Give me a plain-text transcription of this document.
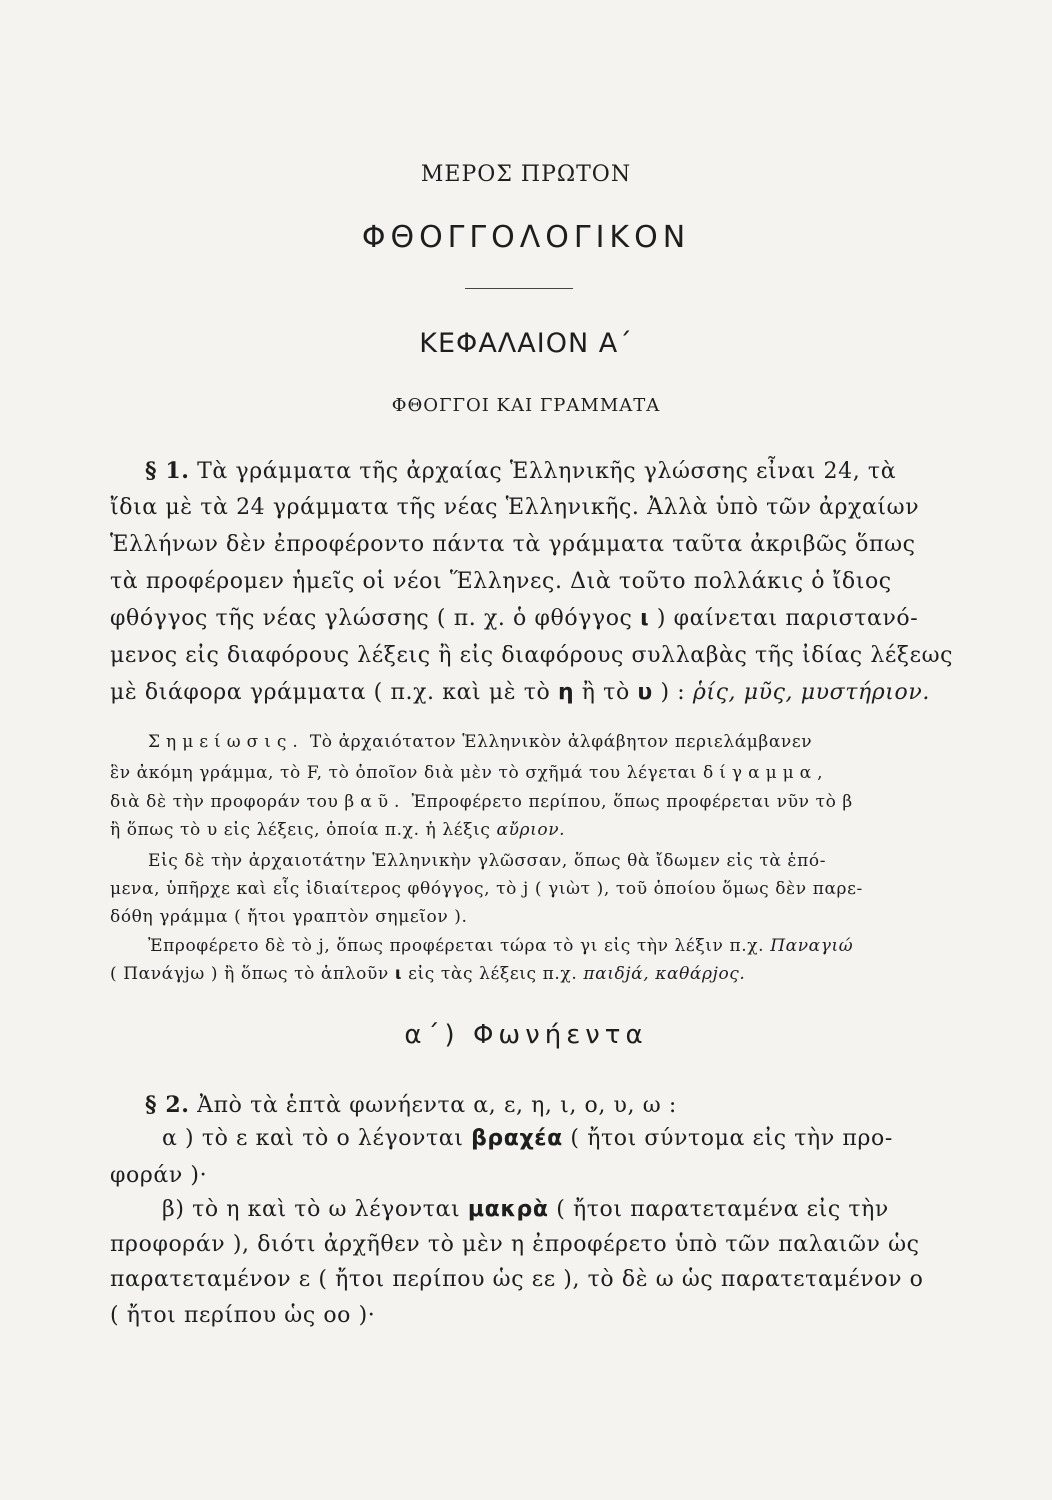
ΜΕΡΟΣ ΠΡΩΤΟΝ
ΦΘΟΓΓΟΛΟΓΙΚΟΝ
ΚΕΦΑΛΑΙΟΝ Α΄
ΦΘΟΓΓΟΙ ΚΑΙ ΓΡΑΜΜΑΤΑ
§ 1. Τὰ γράμματα τῆς ἀρχαίας Ἑλληνικῆς γλώσσης εἶναι 24, τὰ
ἴδια μὲ τὰ 24 γράμματα τῆς νέας Ἑλληνικῆς. Ἀλλὰ ὑπὸ τῶν ἀρχαίων
Ἑλλήνων δὲν ἐπροφέροντο πάντα τὰ γράμματα ταῦτα ἀκριβῶς ὅπως
τὰ προφέρομεν ἡμεῖς οἱ νέοι Ἕλληνες. Διὰ τοῦτο πολλάκις ὁ ἴδιος
φθόγγος τῆς νέας γλώσσης ( π. χ. ὁ φθόγγος ι ) φαίνεται παριστανό-
μενος εἰς διαφόρους λέξεις ἢ εἰς διαφόρους συλλαβὰς τῆς ἰδίας λέξεως
μὲ διάφορα γράμματα ( π.χ. καὶ μὲ τὸ η ἢ τὸ υ ) : ῥίς, μῦς, μυστήριον.
Σημείωσις. Τὸ ἀρχαιότατον Ἑλληνικὸν ἀλφάβητον περιελάμβανεν
ἓν ἀκόμη γράμμα, τὸ F, τὸ ὁποῖον διὰ μὲν τὸ σχῆμά του λέγεται δίγαμμα,
διὰ δὲ τὴν προφοράν του βαῦ. Ἐπροφέρετο περίπου, ὅπως προφέρεται νῦν τὸ β
ἢ ὅπως τὸ υ εἰς λέξεις, ὁποία π.χ. ἡ λέξις αὔριον.
Εἰς δὲ τὴν ἀρχαιοτάτην Ἑλληνικὴν γλῶσσαν, ὅπως θὰ ἴδωμεν εἰς τὰ ἑπό-
μενα, ὑπῆρχε καὶ εἷς ἰδιαίτερος φθόγγος, τὸ j ( γιὼτ ), τοῦ ὁποίου ὅμως δὲν παρε-
δόθη γράμμα ( ἤτοι γραπτὸν σημεῖον ).
Ἐπροφέρετο δὲ τὸ j, ὅπως προφέρεται τώρα τὸ γι εἰς τὴν λέξιν π.χ. Παναγιώ
( Πανάγjω ) ἢ ὅπως τὸ ἁπλοῦν ι εἰς τὰς λέξεις π.χ. παιδjά, καθάρjος.
α΄) Φωνήεντα
§ 2. Ἀπὸ τὰ ἑπτὰ φωνήεντα α, ε, η, ι, ο, υ, ω :
α ) τὸ ε καὶ τὸ ο λέγονται βραχέα ( ἤτοι σύντομα εἰς τὴν προ-
φοράν )·
β) τὸ η καὶ τὸ ω λέγονται μακρὰ ( ἤτοι παρατεταμένα εἰς τὴν
προφοράν ), διότι ἀρχῆθεν τὸ μὲν η ἐπροφέρετο ὑπὸ τῶν παλαιῶν ὡς
παρατεταμένον ε ( ἤτοι περίπου ὡς εε ), τὸ δὲ ω ὡς παρατεταμένον ο
( ἤτοι περίπου ὡς οο )·
